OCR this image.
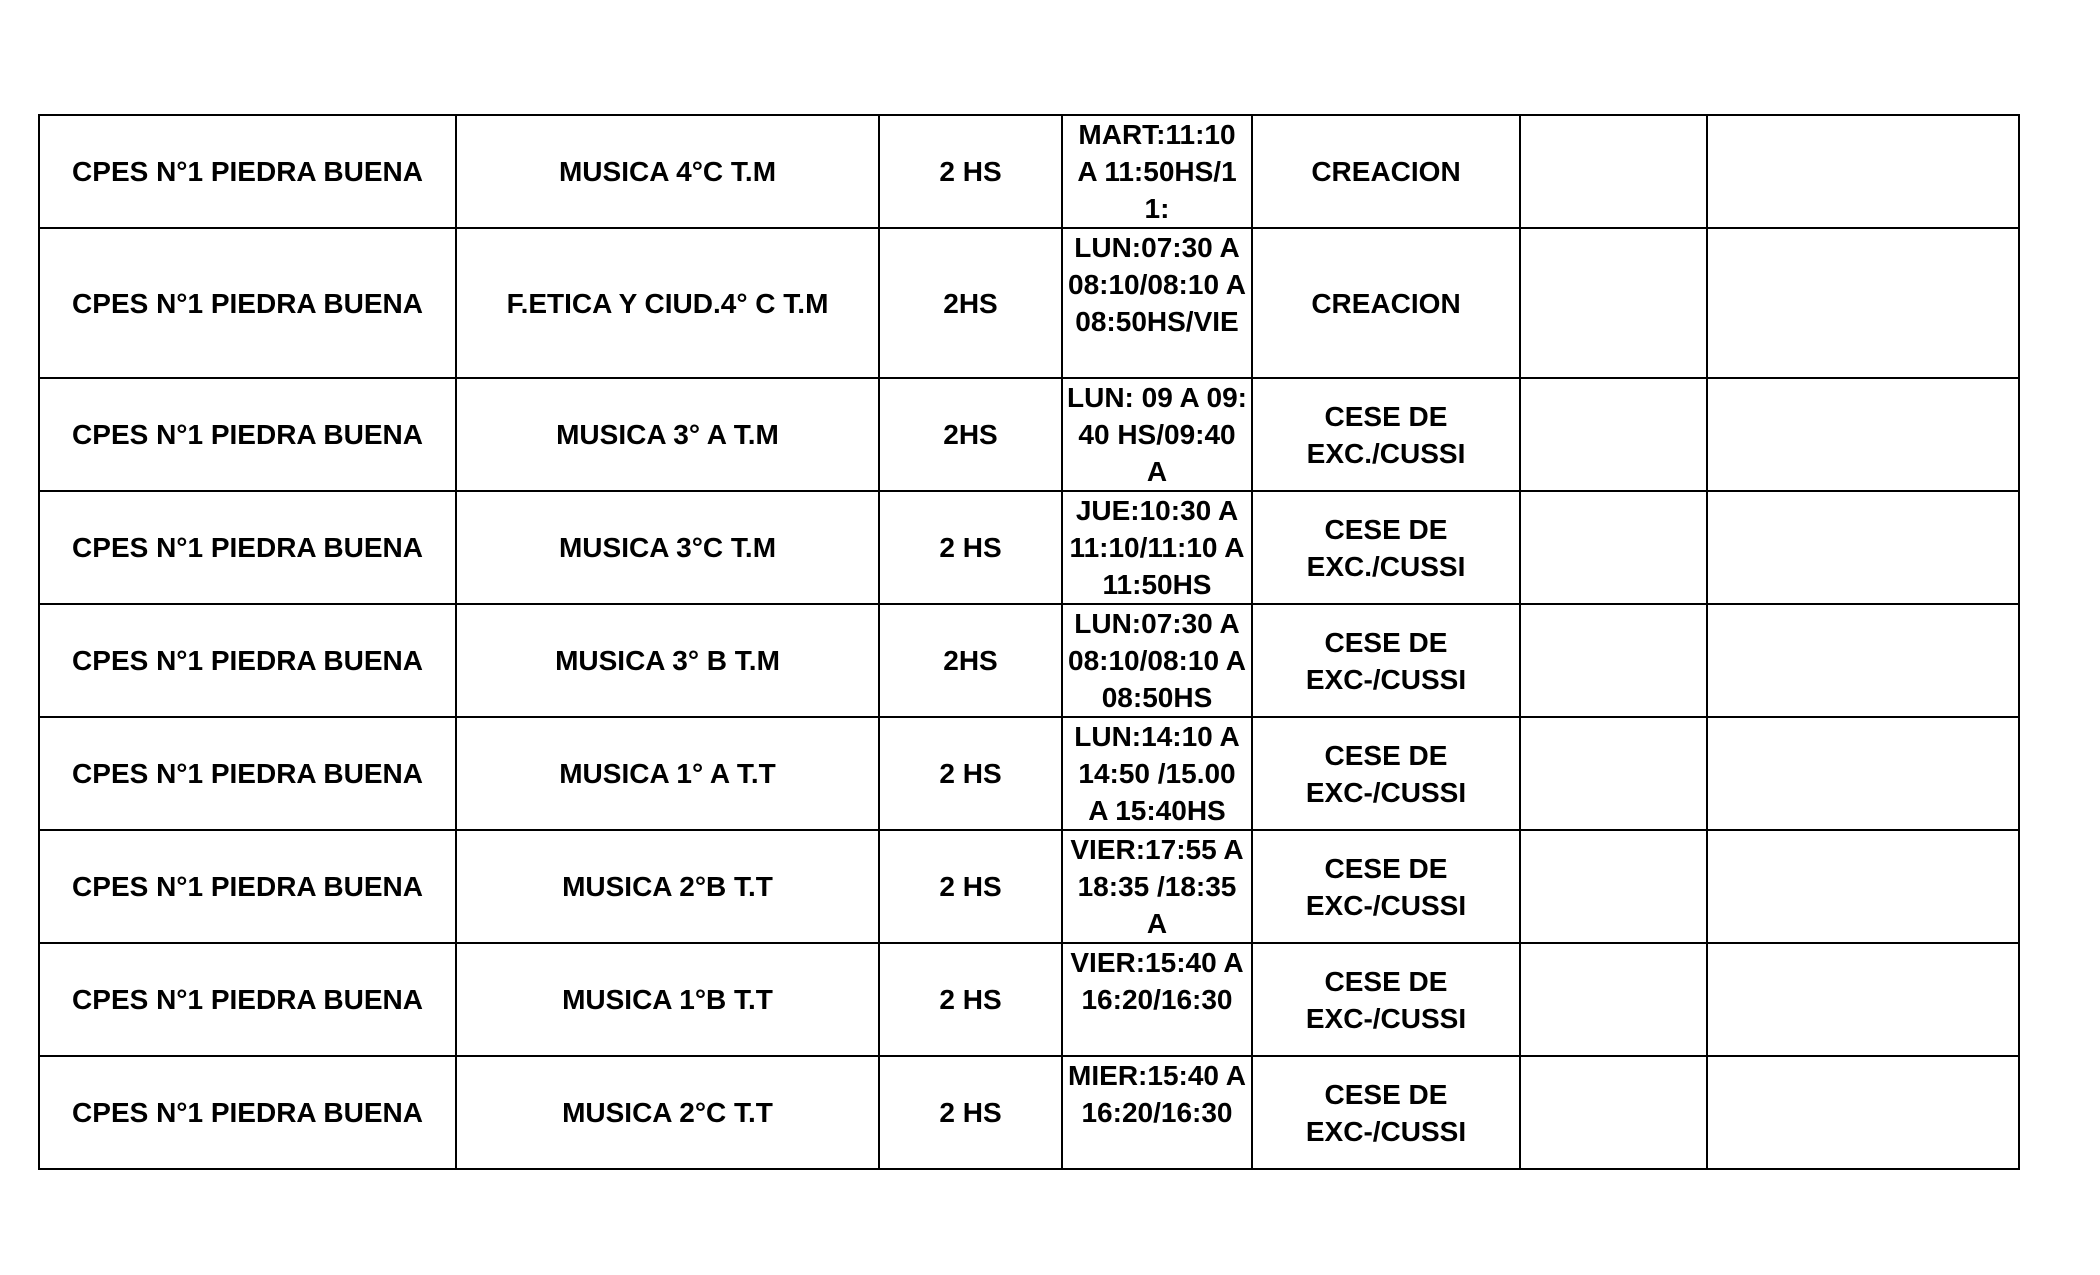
CPES N°1 PIEDRA BUENA	MUSICA 4°C T.M	2 HS	MART:11:10 A 11:50HS/11:	CREACION		
CPES N°1 PIEDRA BUENA	F.ETICA Y CIUD.4° C T.M	2HS	LUN:07:30 A 08:10/08:10 A 08:50HS/VIE	CREACION		
CPES N°1 PIEDRA BUENA	MUSICA 3° A T.M	2HS	LUN: 09 A 09:40 HS/09:40 A	CESE DE EXC./CUSSI		
CPES N°1 PIEDRA BUENA	MUSICA 3°C T.M	2 HS	JUE:10:30 A 11:10/11:10 A 11:50HS	CESE DE EXC./CUSSI		
CPES N°1 PIEDRA BUENA	MUSICA 3° B T.M	2HS	LUN:07:30 A 08:10/08:10 A 08:50HS	CESE DE EXC-/CUSSI		
CPES N°1 PIEDRA BUENA	MUSICA 1° A T.T	2 HS	LUN:14:10 A 14:50 /15.00 A 15:40HS	CESE DE EXC-/CUSSI		
CPES N°1 PIEDRA BUENA	MUSICA 2°B T.T	2 HS	VIER:17:55 A 18:35 /18:35 A	CESE DE EXC-/CUSSI		
CPES N°1 PIEDRA BUENA	MUSICA 1°B T.T	2 HS	VIER:15:40 A 16:20/16:30	CESE DE EXC-/CUSSI		
CPES N°1 PIEDRA BUENA	MUSICA 2°C T.T	2 HS	MIER:15:40 A 16:20/16:30	CESE DE EXC-/CUSSI		
